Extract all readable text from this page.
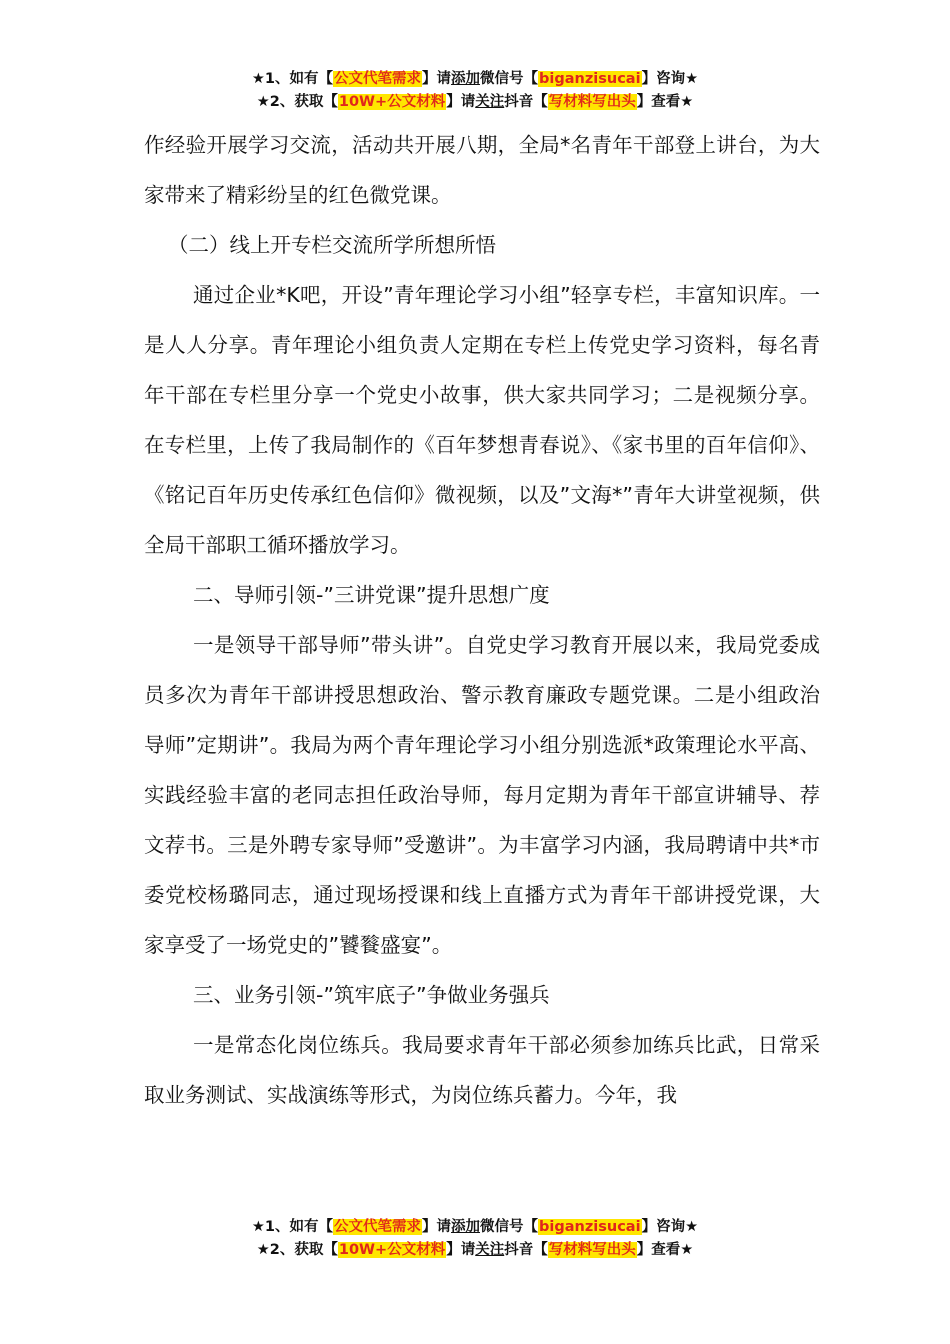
★1、如有【公文代笔需求】请添加微信号【biganzisucai】咨询★
★2、获取【10W+公文材料】请关注抖音【写材料写出头】查看★

作经验开展学习交流，活动共开展八期，全局*名青年干部登上讲台，为大家带来了精彩纷呈的红色微党课。

（二）线上开专栏交流所学所想所悟

通过企业*K吧，开设”青年理论学习小组”轻享专栏，丰富知识库。一是人人分享。青年理论小组负责人定期在专栏上传党史学习资料，每名青年干部在专栏里分享一个党史小故事，供大家共同学习；二是视频分享。在专栏里，上传了我局制作的《百年梦想青春说》、《家书里的百年信仰》、《铭记百年历史传承红色信仰》微视频，以及”文海*”青年大讲堂视频，供全局干部职工循环播放学习。

二、导师引领-”三讲党课”提升思想广度

一是领导干部导师”带头讲”。自党史学习教育开展以来，我局党委成员多次为青年干部讲授思想政治、警示教育廉政专题党课。二是小组政治导师”定期讲”。我局为两个青年理论学习小组分别选派*政策理论水平高、实践经验丰富的老同志担任政治导师，每月定期为青年干部宣讲辅导、荐文荐书。三是外聘专家导师”受邀讲”。为丰富学习内涵，我局聘请中共*市委党校杨璐同志，通过现场授课和线上直播方式为青年干部讲授党课，大家享受了一场党史的”饕餮盛宴”。

三、业务引领-”筑牢底子”争做业务强兵

一是常态化岗位练兵。我局要求青年干部必须参加练兵比武，日常采取业务测试、实战演练等形式，为岗位练兵蓄力。今年，我

★1、如有【公文代笔需求】请添加微信号【biganzisucai】咨询★
★2、获取【10W+公文材料】请关注抖音【写材料写出头】查看★
